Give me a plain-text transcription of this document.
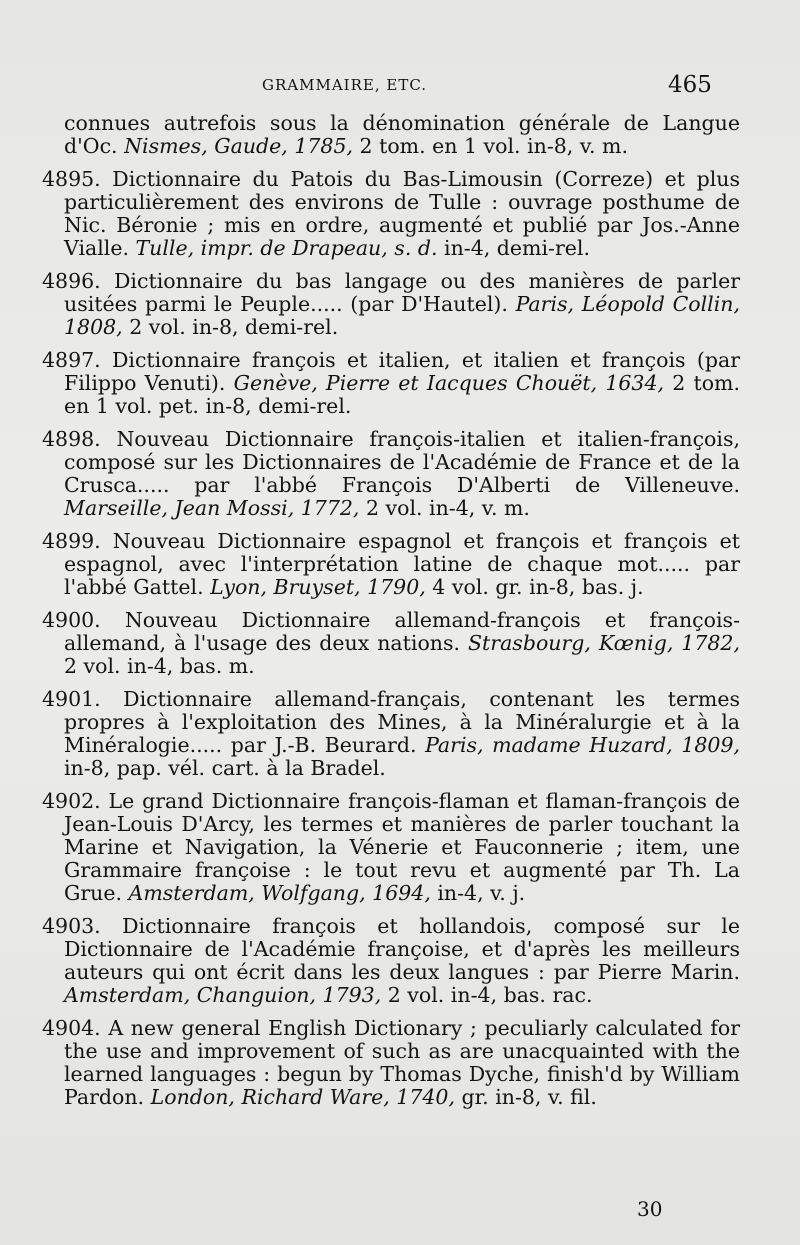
GRAMMAIRE, ETC.	465

connues autrefois sous la dénomination générale de Langue d'Oc. Nismes, Gaude, 1785, 2 tom. en 1 vol. in-8, v. m.

4895. Dictionnaire du Patois du Bas-Limousin (Correze) et plus particulièrement des environs de Tulle : ouvrage posthume de Nic. Béronie ; mis en ordre, augmenté et publié par Jos.-Anne Vialle. Tulle, impr. de Drapeau, s. d. in-4, demi-rel.

4896. Dictionnaire du bas langage ou des manières de parler usitées parmi le Peuple..... (par D'Hautel). Paris, Léopold Collin, 1808, 2 vol. in-8, demi-rel.

4897. Dictionnaire françois et italien, et italien et françois (par Filippo Venuti). Genève, Pierre et Iacques Chouët, 1634, 2 tom. en 1 vol. pet. in-8, demi-rel.

4898. Nouveau Dictionnaire françois-italien et italien-françois, composé sur les Dictionnaires de l'Académie de France et de la Crusca..... par l'abbé François D'Alberti de Villeneuve. Marseille, Jean Mossi, 1772, 2 vol. in-4, v. m.

4899. Nouveau Dictionnaire espagnol et françois et françois et espagnol, avec l'interprétation latine de chaque mot..... par l'abbé Gattel. Lyon, Bruyset, 1790, 4 vol. gr. in-8, bas. j.

4900. Nouveau Dictionnaire allemand-françois et françois-allemand, à l'usage des deux nations. Strasbourg, Kœnig, 1782, 2 vol. in-4, bas. m.

4901. Dictionnaire allemand-français, contenant les termes propres à l'exploitation des Mines, à la Minéralurgie et à la Minéralogie..... par J.-B. Beurard. Paris, madame Huzard, 1809, in-8, pap. vél. cart. à la Bradel.

4902. Le grand Dictionnaire françois-flaman et flaman-françois de Jean-Louis D'Arcy, les termes et manières de parler touchant la Marine et Navigation, la Vénerie et Fauconnerie ; item, une Grammaire françoise : le tout revu et augmenté par Th. La Grue. Amsterdam, Wolfgang, 1694, in-4, v. j.

4903. Dictionnaire françois et hollandois, composé sur le Dictionnaire de l'Académie françoise, et d'après les meilleurs auteurs qui ont écrit dans les deux langues : par Pierre Marin. Amsterdam, Changuion, 1793, 2 vol. in-4, bas. rac.

4904. A new general English Dictionary ; peculiarly calculated for the use and improvement of such as are unacquainted with the learned languages : begun by Thomas Dyche, finish'd by William Pardon. London, Richard Ware, 1740, gr. in-8, v. fil.

30
